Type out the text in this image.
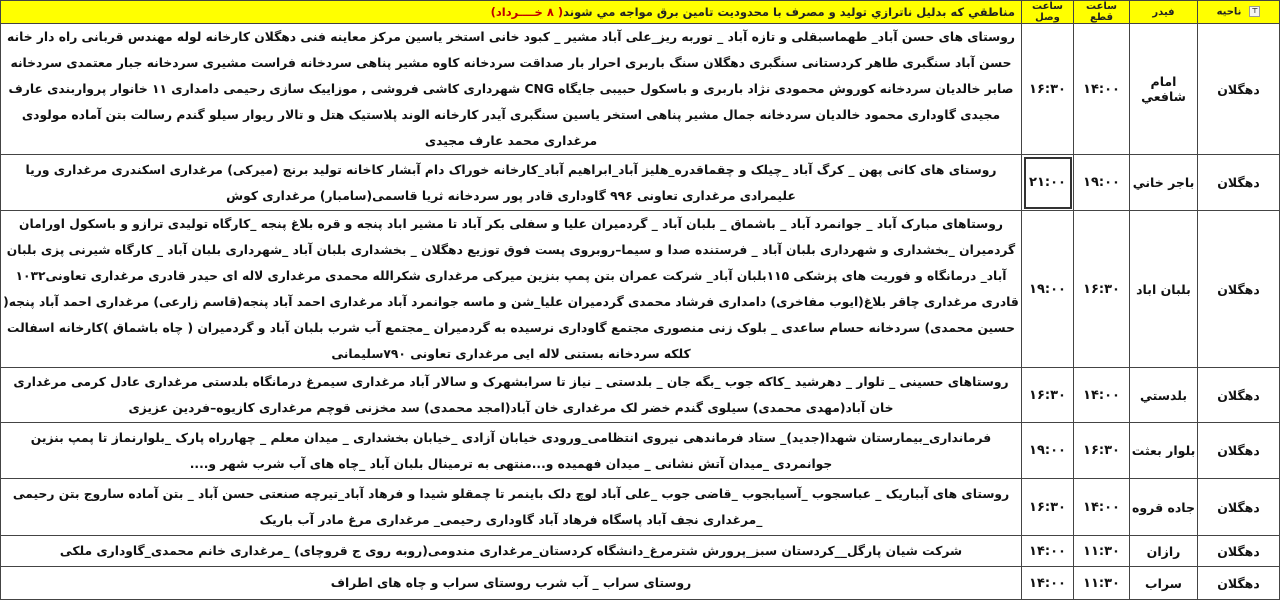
⊤ناحيه	فيدر	ساعت قطع	ساعت وصل	مناطقي كه بدليل ناترازي توليد و مصرف با محدوديت تامين برق مواجه مي شوند( ۸ خــــرداد)
دهگلان	امام شافعي	۱۴:۰۰	۱۶:۳۰	روستای های حسن آباد_ طهماسبقلی و تازه آباد _ توربه ریز_علی آباد مشیر _ کبود خانی استخر یاسین مرکز معاینه فنی دهگلان کارخانه لوله مهندس قربانی راه دار خانه حسن آباد سنگبری طاهر کردستانی سنگبری دهگلان سنگ باربری احرار بار صداقت سردخانه کاوه مشیر پناهی سردخانه فراست مشیری سردخانه جبار معتمدی سردخانه صابر خالدیان سردخانه کوروش محمودی نژاد باربری و باسکول حبیبی جایگاه CNG شهرداری کاشی فروشی , موزاییک سازی رحیمی دامداری ۱۱ خانوار پرواربندی عارف مجیدی گاوداری محمود خالدیان سردخانه جمال مشیر پناهی استخر یاسین سنگبری آیدر کارخانه الوند پلاستیک هتل و تالار ریوار سیلو گندم رسالت بتن آماده مولودی مرغداری محمد عارف مجیدی
دهگلان	باجر خاني	۱۹:۰۰	۲۱:۰۰	روستای های کانی پهن _ کرگ آباد _چیلک و چقماقدره_هلیز آباد_ابراهیم آباد_کارخانه خوراک دام آبشار کاخانه تولید برنج (میرکی) مرغداری اسکندری مرغداری وریا علیمرادی مرغداری تعاونی ۹۹۶ گاوداری قادر پور سردخانه ثریا قاسمی(سامبار) مرغداری کوش
دهگلان	بلبان اباد	۱۶:۳۰	۱۹:۰۰	روستاهای مبارک آباد _ جوانمرد آباد _ باشماق _ بلبان آباد _ گردمیران علیا و سفلی بکر آباد تا مشیر اباد پنجه و قره بلاغ پنجه _کارگاه تولیدی ترازو و باسکول اورامان گردمیران _بخشداری و شهرداری بلبان آباد _ فرستنده صدا و سیما–روبروی پست فوق توزیع دهگلان _ بخشداری بلبان آباد _شهرداری بلبان آباد _ کارگاه شیرنی پزی بلبان آباد_ درمانگاه و فوریت های پزشکی ۱۱۵بلبان آباد_ شرکت عمران بتن پمپ بنزین میرکی مرغداری شکرالله محمدی مرغداری لاله ای حیدر قادری مرغداری تعاونی۱۰۳۲ قادری مرغداری چاقر بلاغ(ایوب مفاخری) دامداری فرشاد محمدی گردمیران علیا_شن و ماسه جوانمرد آباد مرغداری احمد آباد پنجه(قاسم زارعی) مرغداری احمد آباد پنجه( حسین محمدی) سردخانه حسام ساعدی _ بلوک زنی منصوری مجتمع گاوداری نرسیده به گردمیران _مجتمع آب شرب بلبان آباد و گردمیران ( چاه باشماق )کارخانه اسفالت کلکه سردخانه بستنی لاله ایی مرغداری تعاونی ۷۹۰سلیمانی
دهگلان	بلدستي	۱۴:۰۰	۱۶:۳۰	روستاهای حسینی _ تلوار _ دهرشید _کاکه جوب _بگه جان _ بلدستی _ نیاز تا سرابشهرک و سالار آباد مرغداری سیمرغ درمانگاه بلدستی مرغداری عادل کرمی مرغداری خان آباد(مهدی محمدی) سیلوی گندم خضر لک مرغداری خان آباد(امجد محمدی) سد مخزنی قوچم مرغداری کازیوه–فردین عزیزی
دهگلان	بلوار بعثت	۱۶:۳۰	۱۹:۰۰	فرمانداری_بیمارستان شهدا(جدید)_ ستاد فرماندهی نیروی انتظامی_ورودی خیابان آزادی _خیابان بخشداری _ میدان معلم _ چهارراه پارک _بلوارنماز تا پمپ بنزین جوانمردی _میدان آتش نشانی _ میدان فهمیده و...منتهی به ترمینال بلبان آباد _چاه های آب شرب شهر و....
دهگلان	جاده قروه	۱۴:۰۰	۱۶:۳۰	روستای های آبباریک _ عباسجوب _آسیابجوب _قاضی جوب _علی آباد لوچ دلک باینمر تا چمقلو شیدا و فرهاد آباد_تیرچه صنعتی حسن آباد _ بتن آماده ساروج بتن رحیمی _مرغداری نجف آباد پاسگاه فرهاد آباد گاوداری رحیمی_ مرغداری مرغ مادر آب باریک
دهگلان	رازان	۱۱:۳۰	۱۴:۰۰	شرکت شیان پارگل__کردستان سبز_پرورش شترمرغ_دانشگاه کردستان_مرغداری مندومی(روبه روی ج قروچای) _مرغداری خانم محمدی_گاوداری ملکی
دهگلان	سراب	۱۱:۳۰	۱۴:۰۰	روستای سراب _ آب شرب روستای سراب و چاه های اطراف
